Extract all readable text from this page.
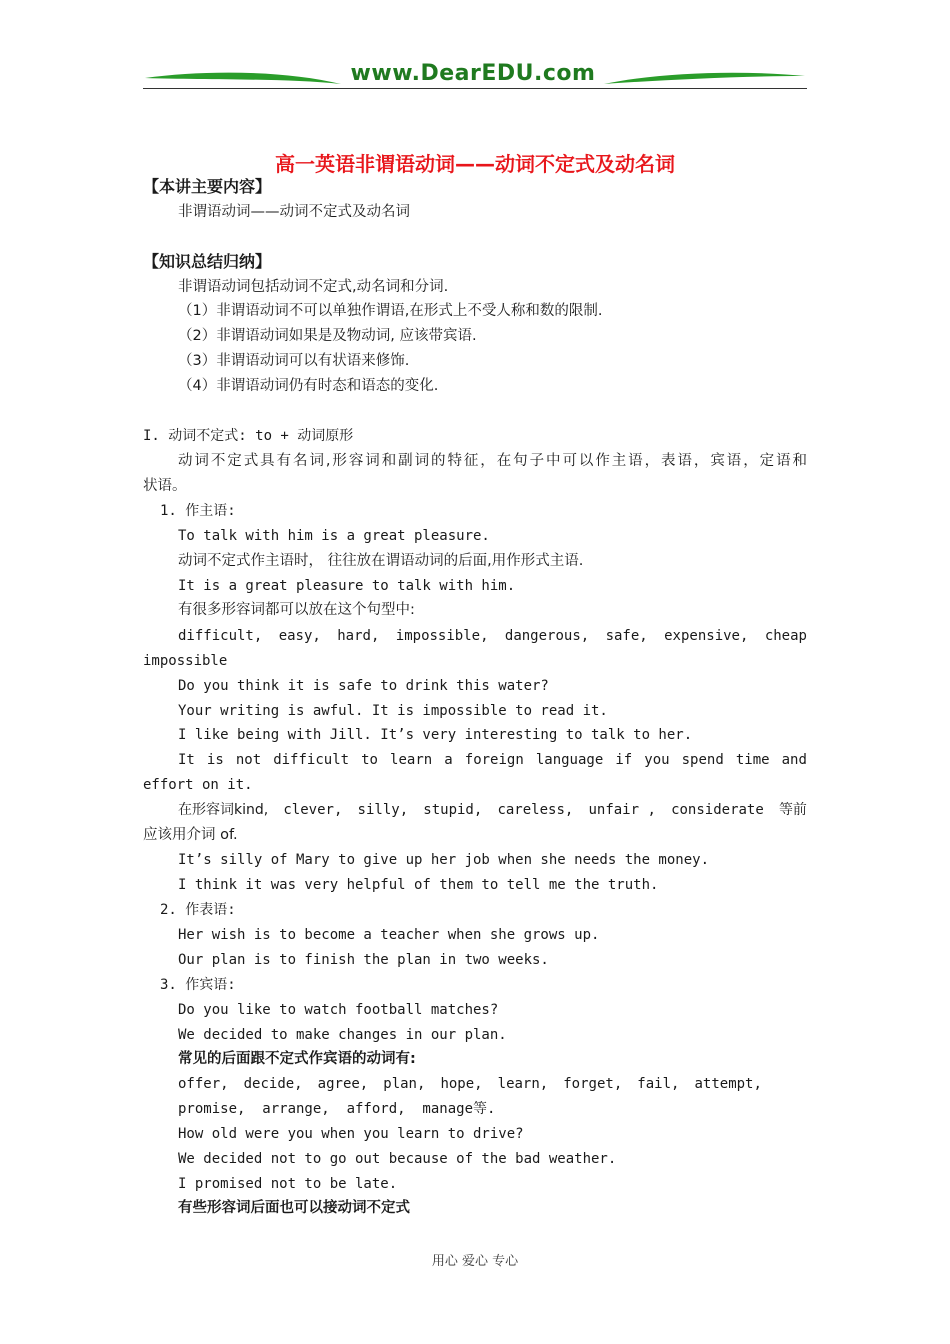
www.DearEDU.com
高一英语非谓语动词——动词不定式及动名词
【本讲主要内容】
非谓语动词——动词不定式及动名词
【知识总结归纳】
非谓语动词包括动词不定式,动名词和分词.
（1）非谓语动词不可以单独作谓语,在形式上不受人称和数的限制.
（2）非谓语动词如果是及物动词, 应该带宾语.
（3）非谓语动词可以有状语来修饰.
（4）非谓语动词仍有时态和语态的变化.
I. 动词不定式: to + 动词原形
动词不定式具有名词,形容词和副词的特征，在句子中可以作主语，表语，宾语，定语和
状语。
1. 作主语:
To talk with him is a great pleasure.
动词不定式作主语时， 往往放在谓语动词的后面,用作形式主语.
It is a great pleasure to talk with him.
有很多形容词都可以放在这个句型中:
difficult, easy, hard, impossible, dangerous, safe, expensive, cheap
impossible
Do you think it is safe to drink this water?
Your writing is awful. It is impossible to read it.
I like being with Jill. It’s very interesting to talk to her.
It is not difficult to learn a foreign language if you spend time and
effort on it.
在形容词kind, clever, silly, stupid, careless, unfair , considerate 等前
应该用介词 of.
It’s silly of Mary to give up her job when she needs the money.
I think it was very helpful of them to tell me the truth.
2. 作表语:
Her wish is to become a teacher when she grows up.
Our plan is to finish the plan in two weeks.
3. 作宾语:
Do you like to watch football matches?
We decided to make changes in our plan.
常见的后面跟不定式作宾语的动词有:
offer, decide, agree, plan, hope, learn, forget, fail, attempt,
promise,  arrange,  afford,  manage等.
How old were you when you learn to drive?
We decided not to go out because of the bad weather.
I promised not to be late.
有些形容词后面也可以接动词不定式
用心 爱心 专心
